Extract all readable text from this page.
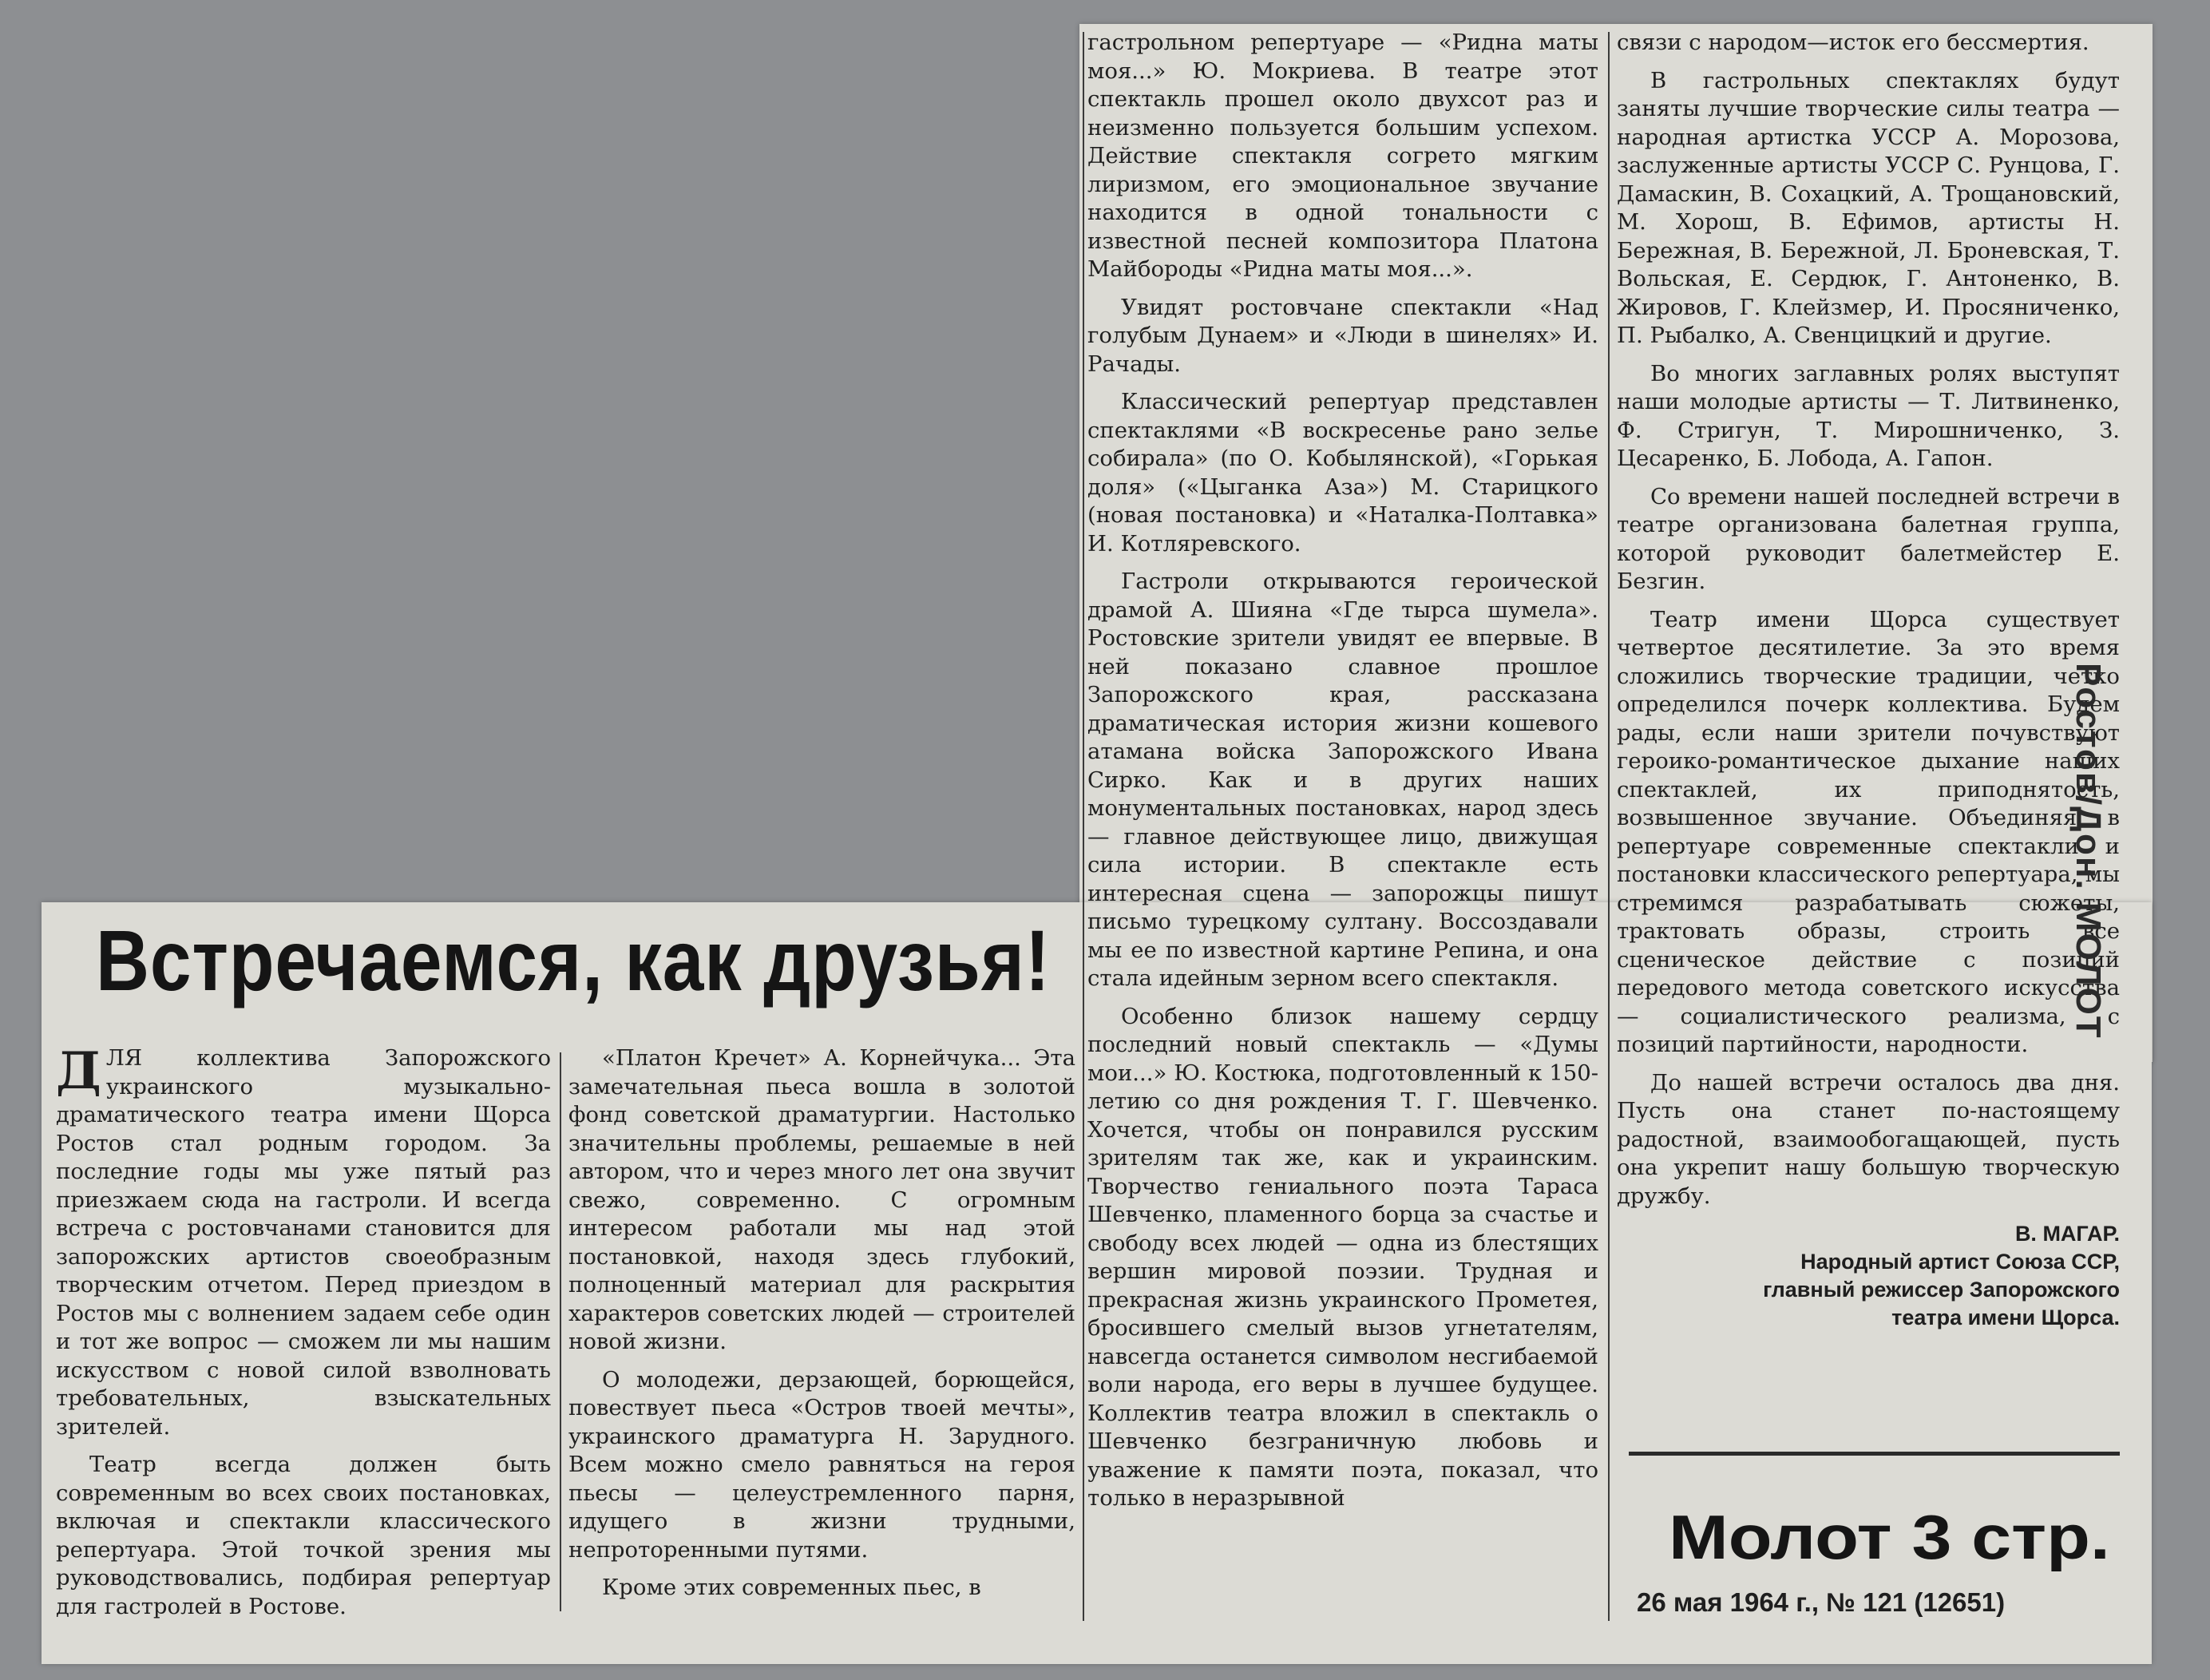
Встречаемся, как друзья!

ДЛЯ коллектива Запорожского украинского музыкально-драматического театра имени Щорса Ростов стал родным городом. За последние годы мы уже пятый раз приезжаем сюда на гастроли. И всегда встреча с ростовчанами становится для запорожских артистов своеобразным творческим отчетом. Перед приездом в Ростов мы с волнением задаем себе один и тот же вопрос — сможем ли мы нашим искусством с новой силой взволновать требовательных, взыскательных зрителей.

Театр всегда должен быть современным во всех своих постановках, включая и спектакли классического репертуара. Этой точкой зрения мы руководствовались, подбирая репертуар для гастролей в Ростове.

«Платон Кречет» А. Корнейчука... Эта замечательная пьеса вошла в золотой фонд советской драматургии. Настолько значительны проблемы, решаемые в ней автором, что и через много лет она звучит свежо, современно. С огромным интересом работали мы над этой постановкой, находя здесь глубокий, полноценный материал для раскрытия характеров советских людей — строителей новой жизни.

О молодежи, дерзающей, борющейся, повествует пьеса «Остров твоей мечты», украинского драматурга Н. Зарудного. Всем можно смело равняться на героя пьесы — целеустремленного парня, идущего в жизни трудными, непроторенными путями.

Кроме этих современных пьес, в

гастрольном репертуаре — «Ридна маты моя...» Ю. Мокриева. В театре этот спектакль прошел около двухсот раз и неизменно пользуется большим успехом. Действие спектакля согрето мягким лиризмом, его эмоциональное звучание находится в одной тональности с известной песней композитора Платона Майбороды «Ридна маты моя...».

Увидят ростовчане спектакли «Над голубым Дунаем» и «Люди в шинелях» И. Рачады.

Классический репертуар представлен спектаклями «В воскресенье рано зелье собирала» (по О. Кобылянской), «Горькая доля» («Цыганка Аза») М. Старицкого (новая постановка) и «Наталка-Полтавка» И. Котляревского.

Гастроли открываются героической драмой А. Шияна «Где тырса шумела». Ростовские зрители увидят ее впервые. В ней показано славное прошлое Запорожского края, рассказана драматическая история жизни кошевого атамана войска Запорожского Ивана Сирко. Как и в других наших монументальных постановках, народ здесь — главное действующее лицо, движущая сила истории. В спектакле есть интересная сцена — запорожцы пишут письмо турецкому султану. Воссоздавали мы ее по известной картине Репина, и она стала идейным зерном всего спектакля.

Особенно близок нашему сердцу последний новый спектакль — «Думы мои...» Ю. Костюка, подготовленный к 150-летию со дня рождения Т. Г. Шевченко. Хочется, чтобы он понравился русским зрителям так же, как и украинским. Творчество гениального поэта Тараса Шевченко, пламенного борца за счастье и свободу всех людей — одна из блестящих вершин мировой поэзии. Трудная и прекрасная жизнь украинского Прометея, бросившего смелый вызов угнетателям, навсегда останется символом несгибаемой воли народа, его веры в лучшее будущее. Коллектив театра вложил в спектакль о Шевченко безграничную любовь и уважение к памяти поэта, показал, что только в неразрывной

связи с народом—исток его бессмертия.

В гастрольных спектаклях будут заняты лучшие творческие силы театра — народная артистка УССР А. Морозова, заслуженные артисты УССР С. Рунцова, Г. Дамаскин, В. Сохацкий, А. Трощановский, М. Хорош, В. Ефимов, артисты Н. Бережная, В. Бережной, Л. Броневская, Т. Вольская, Е. Сердюк, Г. Антоненко, В. Жировов, Г. Клейзмер, И. Просяниченко, П. Рыбалко, А. Свенцицкий и другие.

Во многих заглавных ролях выступят наши молодые артисты — Т. Литвиненко, Ф. Стригун, Т. Мирошниченко, З. Цесаренко, Б. Лобода, А. Гапон.

Со времени нашей последней встречи в театре организована балетная группа, которой руководит балетмейстер Е. Безгин.

Театр имени Щорса существует четвертое десятилетие. За это время сложились творческие традиции, четко определился почерк коллектива. Будем рады, если наши зрители почувствуют героико-романтическое дыхание наших спектаклей, их приподнятость, возвышенное звучание. Объединяя в репертуаре современные спектакли и постановки классического репертуара, мы стремимся разрабатывать сюжеты, трактовать образы, строить все сценическое действие с позиций передового метода советского искусства — социалистического реализма, с позиций партийности, народности.

До нашей встречи осталось два дня. Пусть она станет по-настоящему радостной, взаимообогащающей, пусть она укрепит нашу большую творческую дружбу.

В. МАГАР.
Народный артист Союза ССР,
главный режиссер Запорожского
театра имени Щорса.
Молот 3 стр.
26 мая 1964 г., № 121 (12651)
Ростов/Дон. МОЛОТ
